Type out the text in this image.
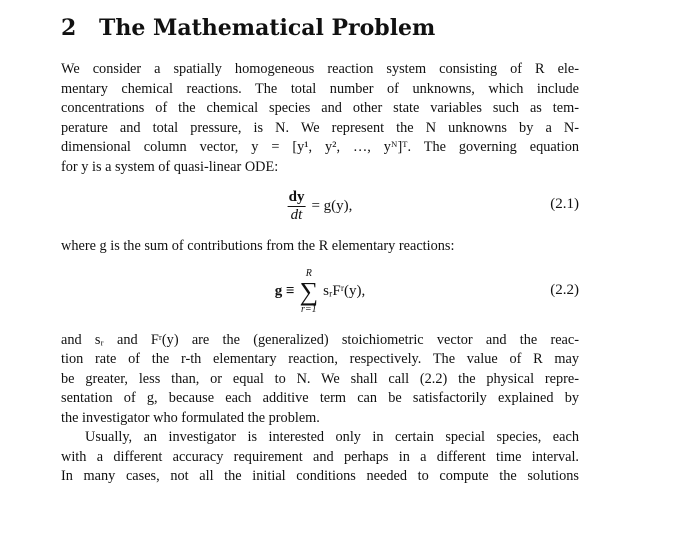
2 The Mathematical Problem

We consider a spatially homogeneous reaction system consisting of R ele-
mentary chemical reactions. The total number of unknowns, which include
concentrations of the chemical species and other state variables such as tem-
perature and total pressure, is N. We represent the N unknowns by a N-
dimensional column vector, y = [y¹, y², …, yᴺ]ᵀ. The governing equation
for y is a system of quasi-linear ODE:

$\frac{dy}{dt} = g(y)$,	(2.1)

where g is the sum of contributions from the R elementary reactions:

g ≡
R
∑
r=1
sᵣFʳ(y),	(2.2)

and sᵣ and Fʳ(y) are the (generalized) stoichiometric vector and the reac-
tion rate of the r-th elementary reaction, respectively. The value of R may
be greater, less than, or equal to N. We shall call (2.2) the physical repre-
sentation of g, because each additive term can be satisfactorily explained by
the investigator who formulated the problem.

Usually, an investigator is interested only in certain special species, each
with a different accuracy requirement and perhaps in a different time interval.
In many cases, not all the initial conditions needed to compute the solutions
